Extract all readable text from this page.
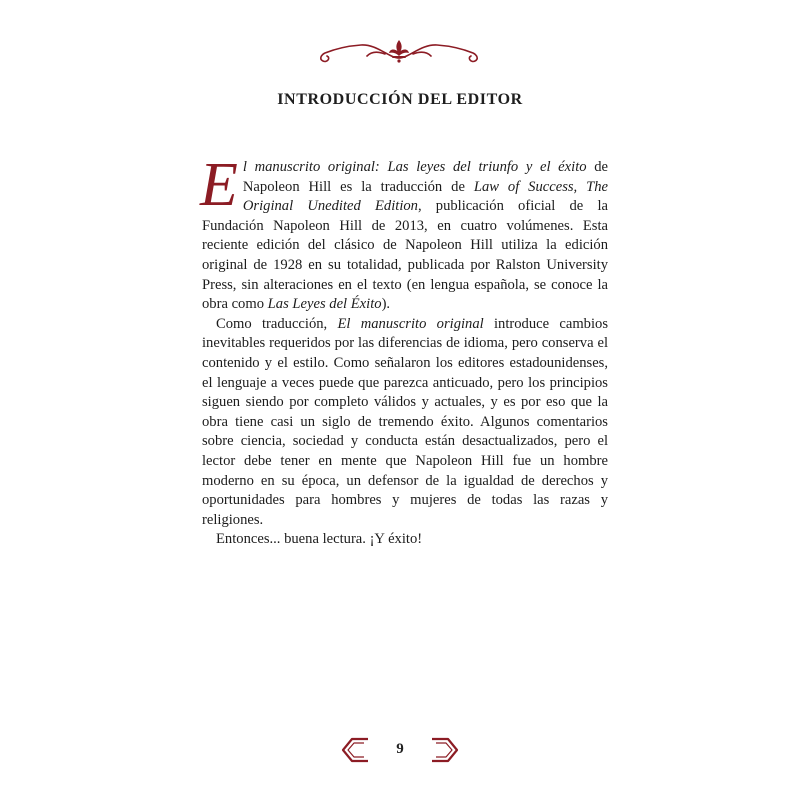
INTRODUCCIÓN DEL EDITOR

El manuscrito original: Las leyes del triunfo y el éxito de Napoleon Hill es la traducción de Law of Success, The Original Unedited Edition, publicación oficial de la Fundación Napoleon Hill de 2013, en cuatro volúmenes. Esta reciente edición del clásico de Napoleon Hill utiliza la edición original de 1928 en su totalidad, publicada por Ralston University Press, sin alteraciones en el texto (en lengua española, se conoce la obra como Las Leyes del Éxito).

Como traducción, El manuscrito original introduce cambios inevitables requeridos por las diferencias de idioma, pero conserva el contenido y el estilo. Como señalaron los editores estadounidenses, el lenguaje a veces puede que parezca anticuado, pero los principios siguen siendo por completo válidos y actuales, y es por eso que la obra tiene casi un siglo de tremendo éxito. Algunos comentarios sobre ciencia, sociedad y conducta están desactualizados, pero el lector debe tener en mente que Napoleon Hill fue un hombre moderno en su época, un defensor de la igualdad de derechos y oportunidades para hombres y mujeres de todas las razas y religiones.

Entonces... buena lectura. ¡Y éxito!

9
